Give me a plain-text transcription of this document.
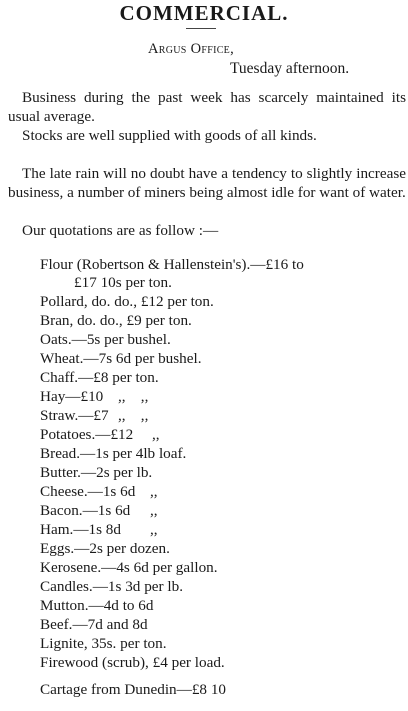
COMMERCIAL.
Argus Office,
Tuesday afternoon.
Business during the past week has scarcely maintained its usual average.
Stocks are well supplied with goods of all kinds.
The late rain will no doubt have a tendency to slightly increase business, a number of miners being almost idle for want of water.
Our quotations are as follow :—
Flour (Robertson & Hallenstein's).—£16 to
£17 10s per ton.
Pollard, do. do., £12 per ton.
Bran, do. do., £9 per ton.
Oats.—5s per bushel.
Wheat.—7s 6d per bushel.
Chaff.—£8 per ton.
Hay—£10 ,,    ,,
Straw.—£7 ,,    ,,
Potatoes.—£12 ,,
Bread.—1s per 4lb loaf.
Butter.—2s per lb.
Cheese.—1s 6d ,,
Bacon.—1s 6d ,,
Ham.—1s 8d ,,
Eggs.—2s per dozen.
Kerosene.—4s 6d per gallon.
Candles.—1s 3d per lb.
Mutton.—4d to 6d
Beef.—7d and 8d
Lignite, 35s. per ton.
Firewood (scrub), £4 per load.
Cartage from Dunedin—£8 10
